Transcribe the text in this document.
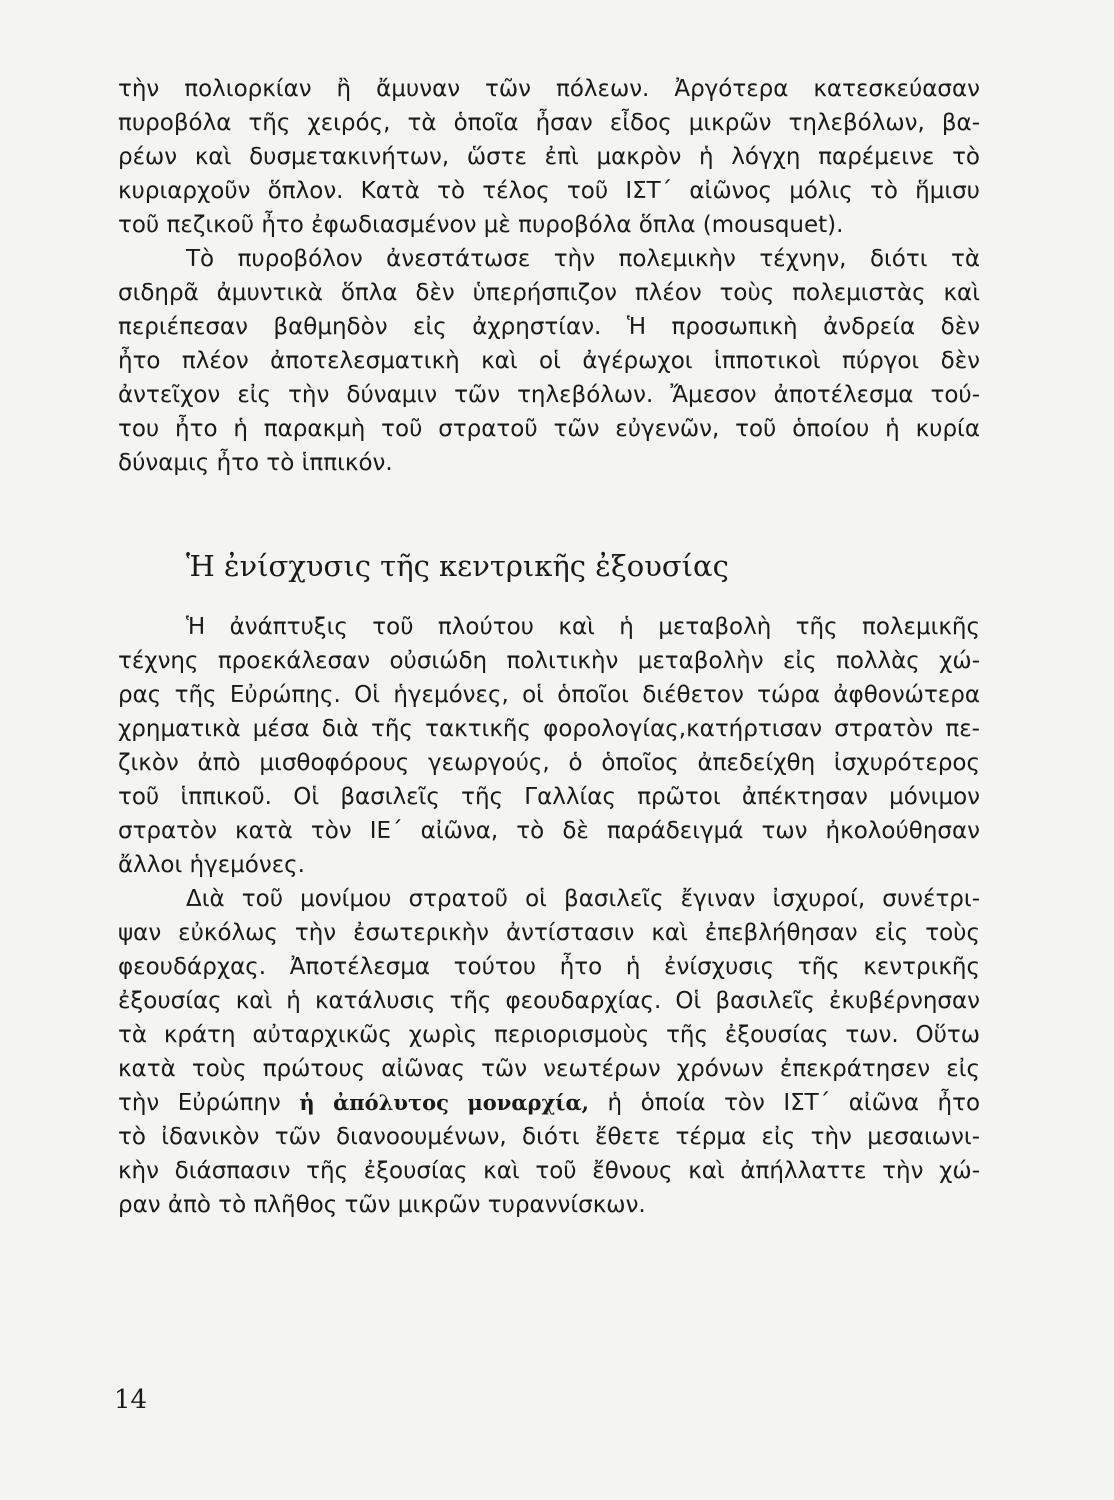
τὴν πολιορκίαν ἢ ἄμυναν τῶν πόλεων. Ἀργότερα κατεσκεύασαν
πυροβόλα τῆς χειρός, τὰ ὁποῖα ἦσαν εἶδος μικρῶν τηλεβόλων, βα-
ρέων καὶ δυσμετακινήτων, ὥστε ἐπὶ μακρὸν ἡ λόγχη παρέμεινε τὸ
κυριαρχοῦν ὅπλον. Κατὰ τὸ τέλος τοῦ ΙΣΤ΄ αἰῶνος μόλις τὸ ἥμισυ
τοῦ πεζικοῦ ἦτο ἐφωδιασμένον μὲ πυροβόλα ὅπλα (mousquet).
Τὸ πυροβόλον ἀνεστάτωσε τὴν πολεμικὴν τέχνην, διότι τὰ
σιδηρᾶ ἀμυντικὰ ὅπλα δὲν ὑπερήσπιζον πλέον τοὺς πολεμιστὰς καὶ
περιέπεσαν βαθμηδὸν εἰς ἀχρηστίαν. Ἡ προσωπικὴ ἀνδρεία δὲν
ἦτο πλέον ἀποτελεσματικὴ καὶ οἱ ἀγέρωχοι ἱπποτικοὶ πύργοι δὲν
ἀντεῖχον εἰς τὴν δύναμιν τῶν τηλεβόλων. Ἄμεσον ἀποτέλεσμα τού-
του ἦτο ἡ παρακμὴ τοῦ στρατοῦ τῶν εὐγενῶν, τοῦ ὁποίου ἡ κυρία
δύναμις ἦτο τὸ ἱππικόν.
Ἡ ἐνίσχυσις τῆς κεντρικῆς ἐξουσίας
Ἡ ἀνάπτυξις τοῦ πλούτου καὶ ἡ μεταβολὴ τῆς πολεμικῆς
τέχνης προεκάλεσαν οὐσιώδη πολιτικὴν μεταβολὴν εἰς πολλὰς χώ-
ρας τῆς Εὐρώπης. Οἱ ἡγεμόνες, οἱ ὁποῖοι διέθετον τώρα ἀφθονώτερα
χρηματικὰ μέσα διὰ τῆς τακτικῆς φορολογίας,κατήρτισαν στρατὸν πε-
ζικὸν ἀπὸ μισθοφόρους γεωργούς, ὁ ὁποῖος ἀπεδείχθη ἰσχυρότερος
τοῦ ἱππικοῦ. Οἱ βασιλεῖς τῆς Γαλλίας πρῶτοι ἀπέκτησαν μόνιμον
στρατὸν κατὰ τὸν ΙΕ΄ αἰῶνα, τὸ δὲ παράδειγμά των ἠκολούθησαν
ἄλλοι ἡγεμόνες.
Διὰ τοῦ μονίμου στρατοῦ οἱ βασιλεῖς ἔγιναν ἰσχυροί, συνέτρι-
ψαν εὐκόλως τὴν ἐσωτερικὴν ἀντίστασιν καὶ ἐπεβλήθησαν εἰς τοὺς
φεουδάρχας. Ἀποτέλεσμα τούτου ἦτο ἡ ἐνίσχυσις τῆς κεντρικῆς
ἐξουσίας καὶ ἡ κατάλυσις τῆς φεουδαρχίας. Οἱ βασιλεῖς ἐκυβέρνησαν
τὰ κράτη αὐταρχικῶς χωρὶς περιορισμοὺς τῆς ἐξουσίας των. Οὕτω
κατὰ τοὺς πρώτους αἰῶνας τῶν νεωτέρων χρόνων ἐπεκράτησεν εἰς
τὴν Εὐρώπην ἡ ἀπόλυτος μοναρχία, ἡ ὁποία τὸν ΙΣΤ΄ αἰῶνα ἦτο
τὸ ἰδανικὸν τῶν διανοουμένων, διότι ἔθετε τέρμα εἰς τὴν μεσαιωνι-
κὴν διάσπασιν τῆς ἐξουσίας καὶ τοῦ ἔθνους καὶ ἀπήλλαττε τὴν χώ-
ραν ἀπὸ τὸ πλῆθος τῶν μικρῶν τυραννίσκων.
14
